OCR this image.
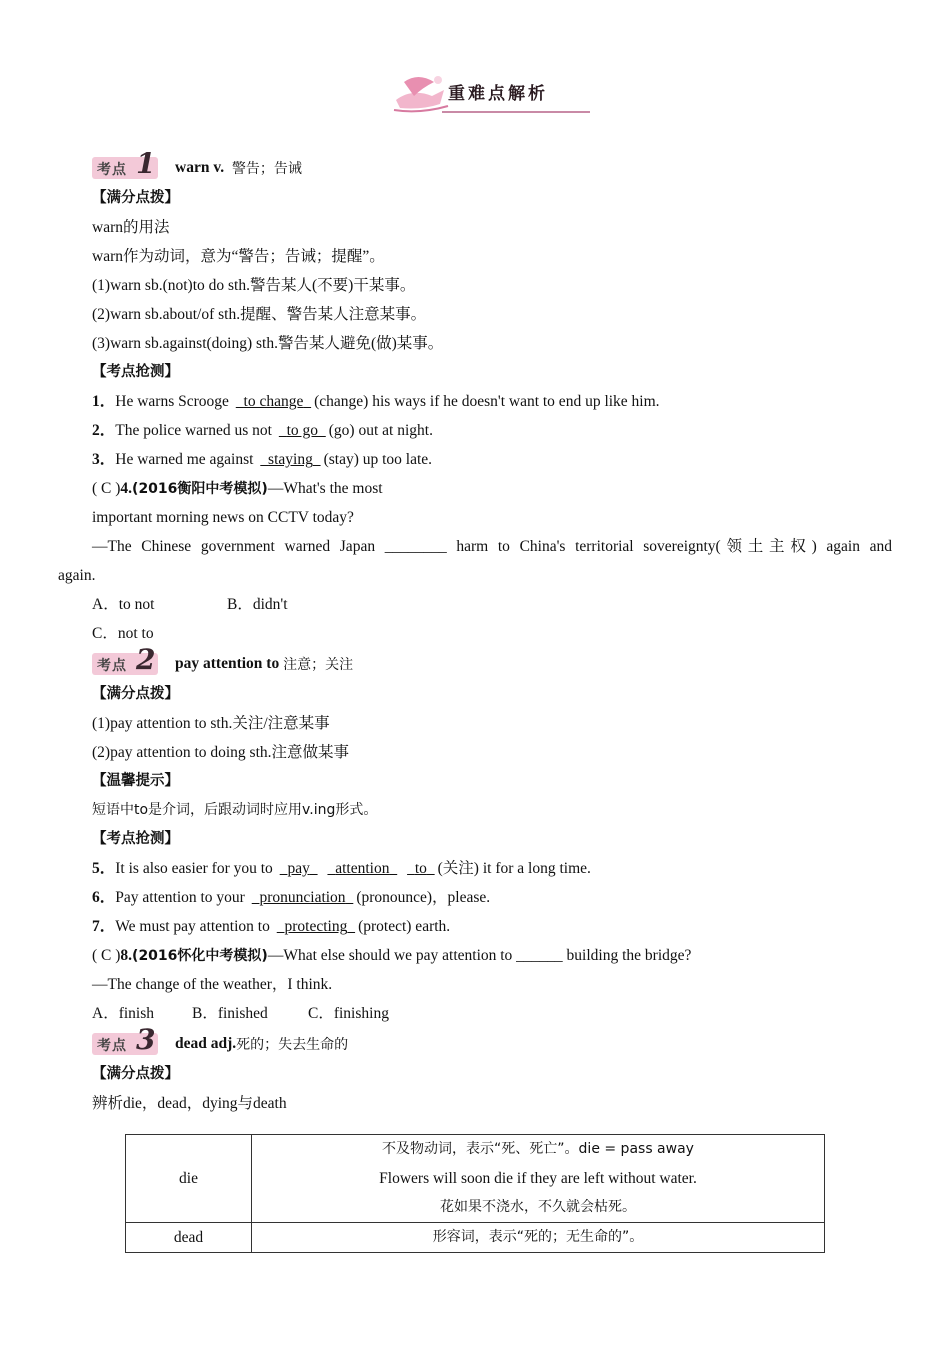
重难点解析
考点 1 warn v.
警告；告诫
【满分点拨】
warn的用法
warn作为动词，意为“警告；告诫；提醒”。
(1)warn sb.(not)to do sth.警告某人(不要)干某事。
(2)warn sb.about/of sth.提醒、警告某人注意某事。
(3)warn sb.against(doing) sth.警告某人避免(做)某事。
【考点抢测】
1．He warns Scrooge   to change (change) his ways if he doesn't want to end up like him.
2．The police warned us not   to go (go) out at night.
3．He warned me against   staying (stay) up too late.
( C )4.(2016衡阳中考模拟)—What's the most
important morning news on CCTV today?
—The Chinese government warned Japan ________ harm to China's territorial sovereignty(领土主权) again and
again.
A．to not	B．didn't
C．not to
考点 2 pay attention to
注意；关注
【满分点拨】
(1)pay attention to sth.关注/注意某事
(2)pay attention to doing sth.注意做某事
【温馨提示】
短语中to是介词，后跟动词时应用v.ing形式。
【考点抢测】
5．It is also easier for you to   pay attention to (关注) it for a long time.
6．Pay attention to your   pronunciation (pronounce)，please.
7．We must pay attention to   protecting (protect) earth.
( C )8.(2016怀化中考模拟)—What else should we pay attention to ______ building the bridge?
—The change of the weather，I think.
A．finish B．finished	C．finishing
考点 3 dead adj. 死的；失去生命的
【满分点拨】
辨析die，dead，dying与death
die	不及物动词，表示“死、死亡”。die = pass away
Flowers will soon die if they are left without water.
花如果不浇水，不久就会枯死。

dead	形容词，表示“死的；无生命的”。
